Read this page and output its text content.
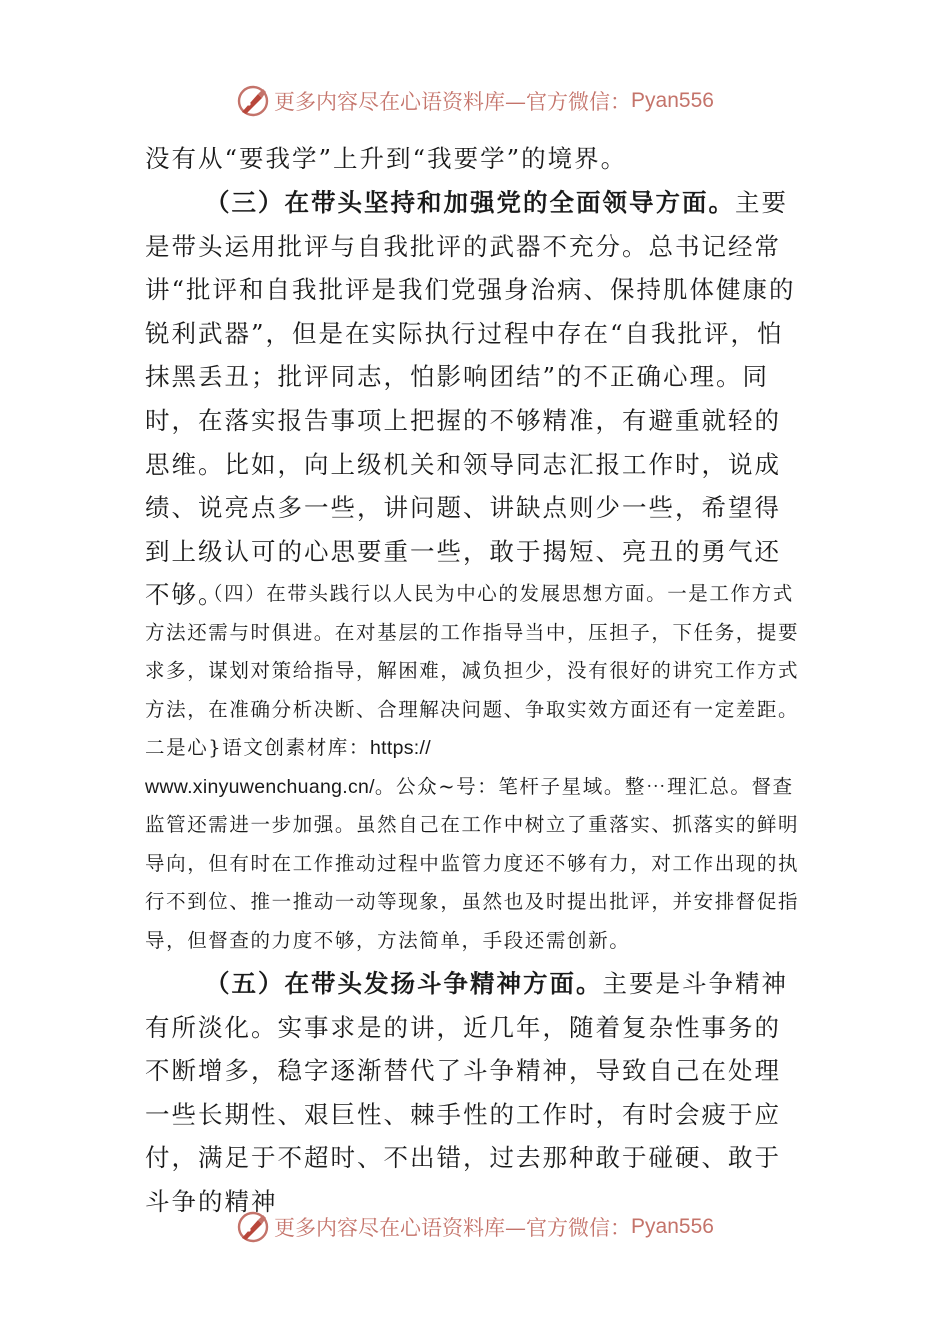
更多内容尽在心语资料库—官方微信： Pyan556

没有从“要我学”上升到“我要学”的境界。

（三）在带头坚持和加强党的全面领导方面。主要是带头运用批评与自我批评的武器不充分。总书记经常讲“批评和自我批评是我们党强身治病、保持肌体健康的锐利武器”，但是在实际执行过程中存在“自我批评，怕抹黑丢丑；批评同志，怕影响团结”的不正确心理。同时，在落实报告事项上把握的不够精准，有避重就轻的思维。比如，向上级机关和领导同志汇报工作时，说成绩、说亮点多一些，讲问题、讲缺点则少一些，希望得到上级认可的心思要重一些，敢于揭短、亮丑的勇气还不够。

（四）在带头践行以人民为中心的发展思想方面。一是工作方式方法还需与时俱进。在对基层的工作指导当中，压担子，下任务，提要求多，谋划对策给指导，解困难，减负担少，没有很好的讲究工作方式方法，在准确分析决断、合理解决问题、争取实效方面还有一定差距。二是心}语文创素材库：https://
www.xinyuwenchuang.cn/。公众~号：笔杆子星域。整⋯理汇总。督查监管还需进一步加强。虽然自己在工作中树立了重落实、抓落实的鲜明导向，但有时在工作推动过程中监管力度还不够有力，对工作出现的执行不到位、推一推动一动等现象，虽然也及时提出批评，并安排督促指导，但督查的力度不够，方法简单，手段还需创新。

（五）在带头发扬斗争精神方面。主要是斗争精神有所淡化。实事求是的讲，近几年，随着复杂性事务的不断增多，稳字逐渐替代了斗争精神，导致自己在处理一些长期性、艰巨性、棘手性的工作时，有时会疲于应付，满足于不超时、不出错，过去那种敢于碰硬、敢于斗争的精神

更多内容尽在心语资料库—官方微信： Pyan556
